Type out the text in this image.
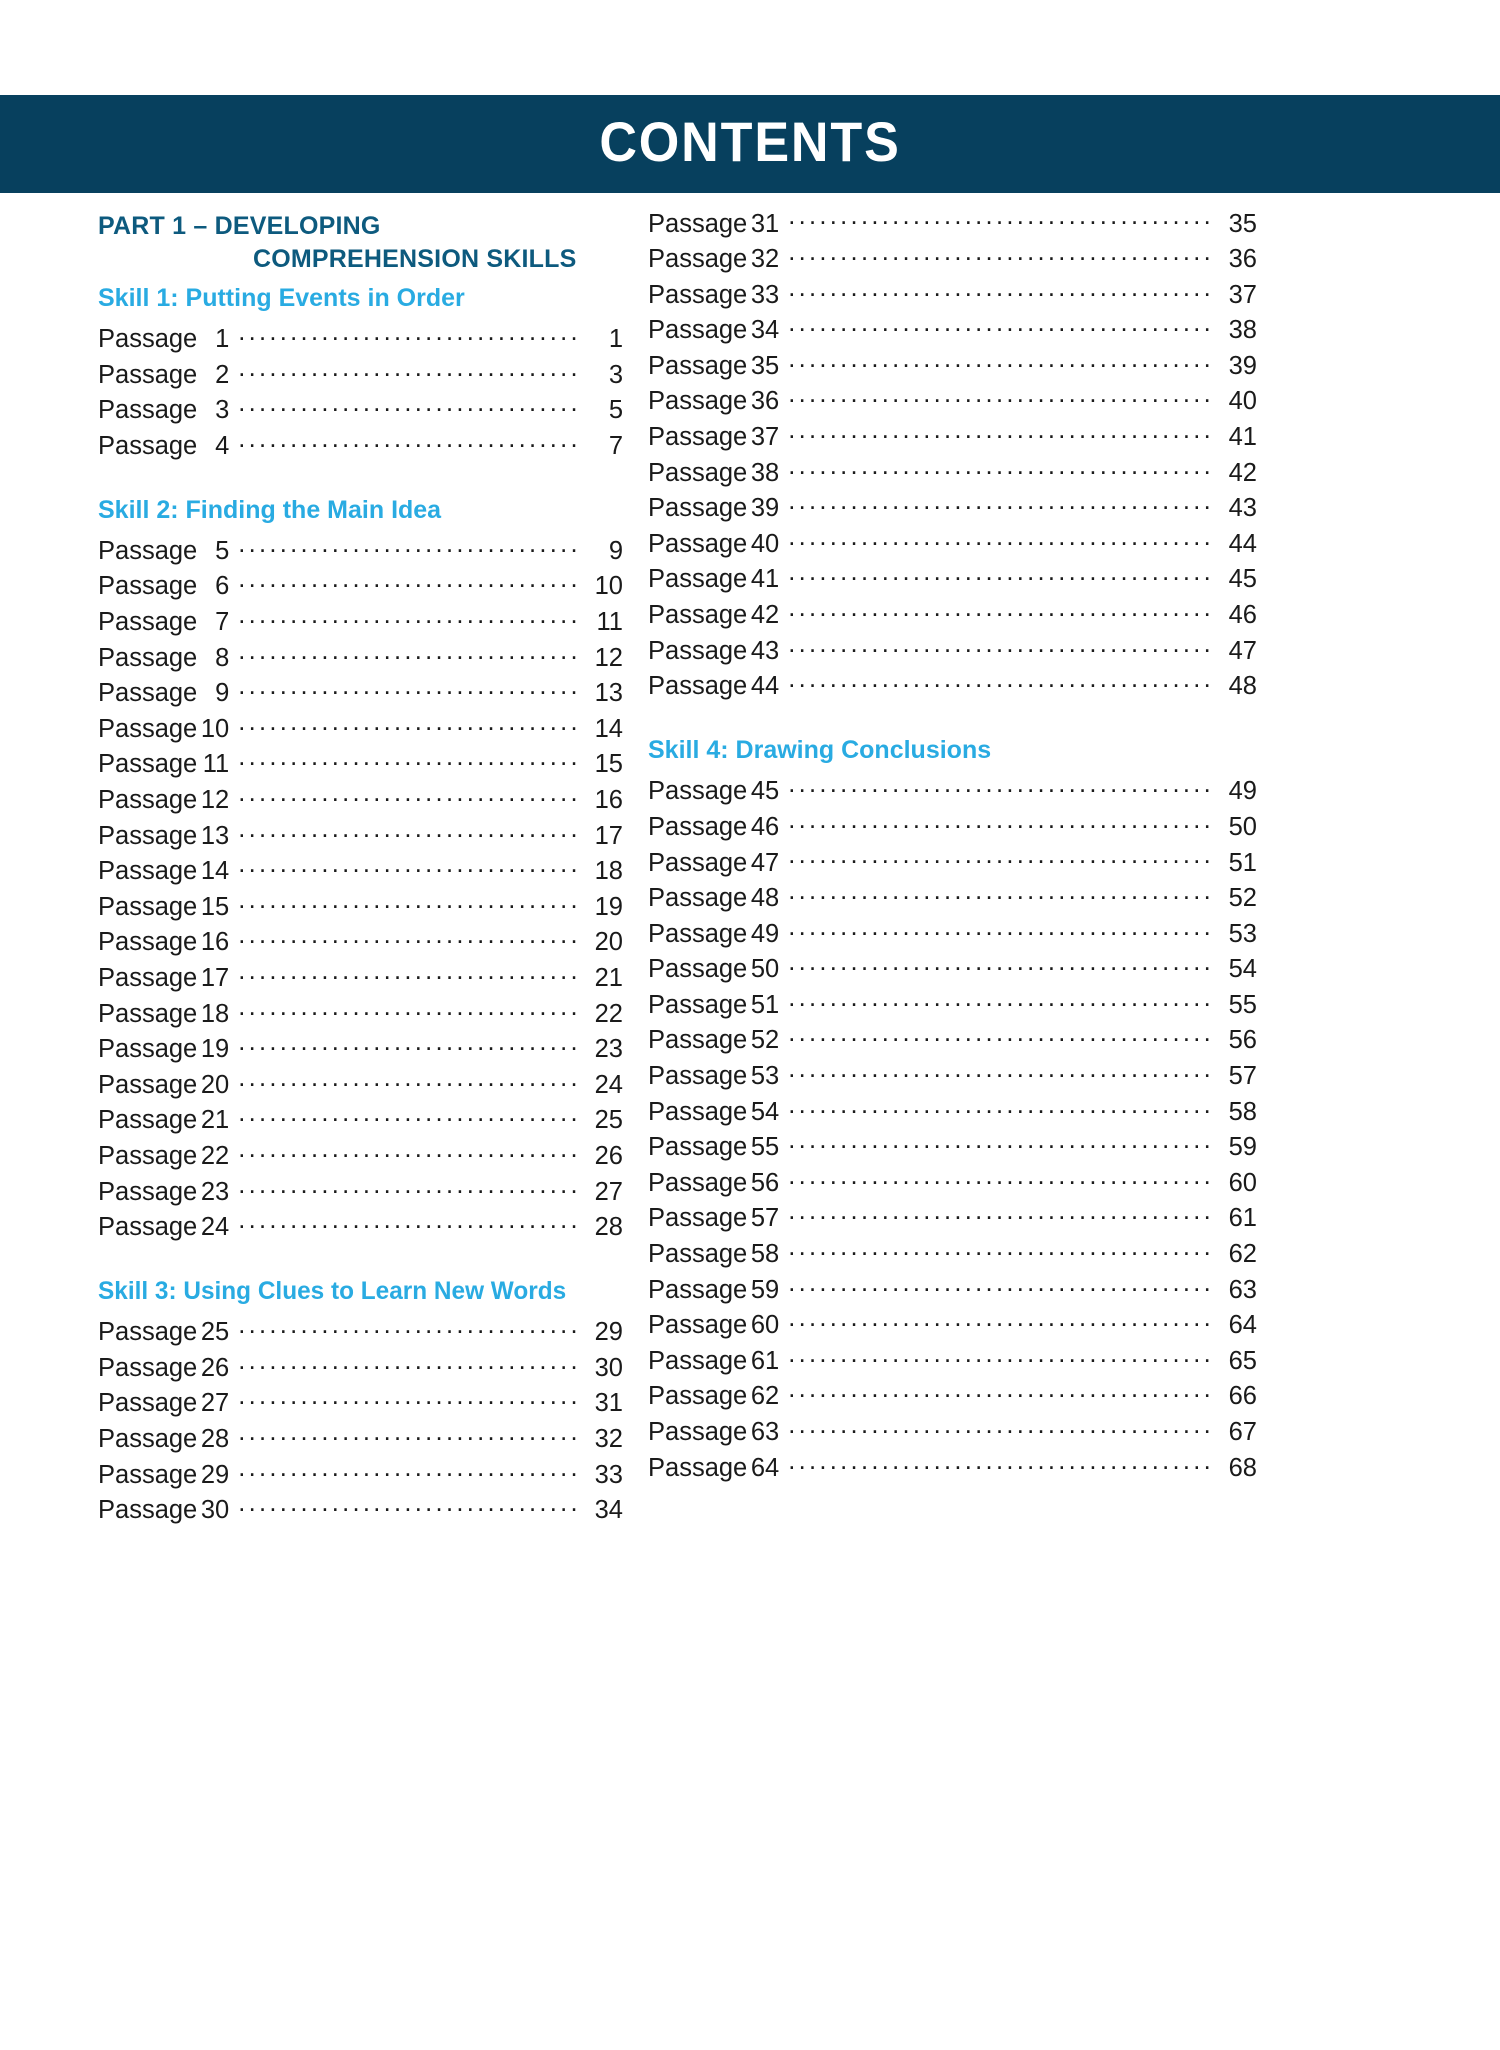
CONTENTS
PART 1 – DEVELOPING
COMPREHENSION SKILLS
Skill 1: Putting Events in Order
Passage 1 .....	1
Passage 2 .....	3
Passage 3 .....	5
Passage 4 .....	7
Skill 2: Finding the Main Idea
Passage 5 .....	9
Passage 6 .....	10
Passage 7 .....	11
Passage 8 .....	12
Passage 9 .....	13
Passage 10 .....	14
Passage 11 .....	15
Passage 12 .....	16
Passage 13 .....	17
Passage 14 .....	18
Passage 15 .....	19
Passage 16 .....	20
Passage 17 .....	21
Passage 18 .....	22
Passage 19 .....	23
Passage 20 .....	24
Passage 21 .....	25
Passage 22 .....	26
Passage 23 .....	27
Passage 24 .....	28
Skill 3: Using Clues to Learn New Words
Passage 25 .....	29
Passage 26 .....	30
Passage 27 .....	31
Passage 28 .....	32
Passage 29 .....	33
Passage 30 .....	34
Passage 31 .....	35
Passage 32 .....	36
Passage 33 .....	37
Passage 34 .....	38
Passage 35 .....	39
Passage 36 .....	40
Passage 37 .....	41
Passage 38 .....	42
Passage 39 .....	43
Passage 40 .....	44
Passage 41 .....	45
Passage 42 .....	46
Passage 43 .....	47
Passage 44 .....	48
Skill 4: Drawing Conclusions
Passage 45 .....	49
Passage 46 .....	50
Passage 47 .....	51
Passage 48 .....	52
Passage 49 .....	53
Passage 50 .....	54
Passage 51 .....	55
Passage 52 .....	56
Passage 53 .....	57
Passage 54 .....	58
Passage 55 .....	59
Passage 56 .....	60
Passage 57 .....	61
Passage 58 .....	62
Passage 59 .....	63
Passage 60 .....	64
Passage 61 .....	65
Passage 62 .....	66
Passage 63 .....	67
Passage 64 .....	68
